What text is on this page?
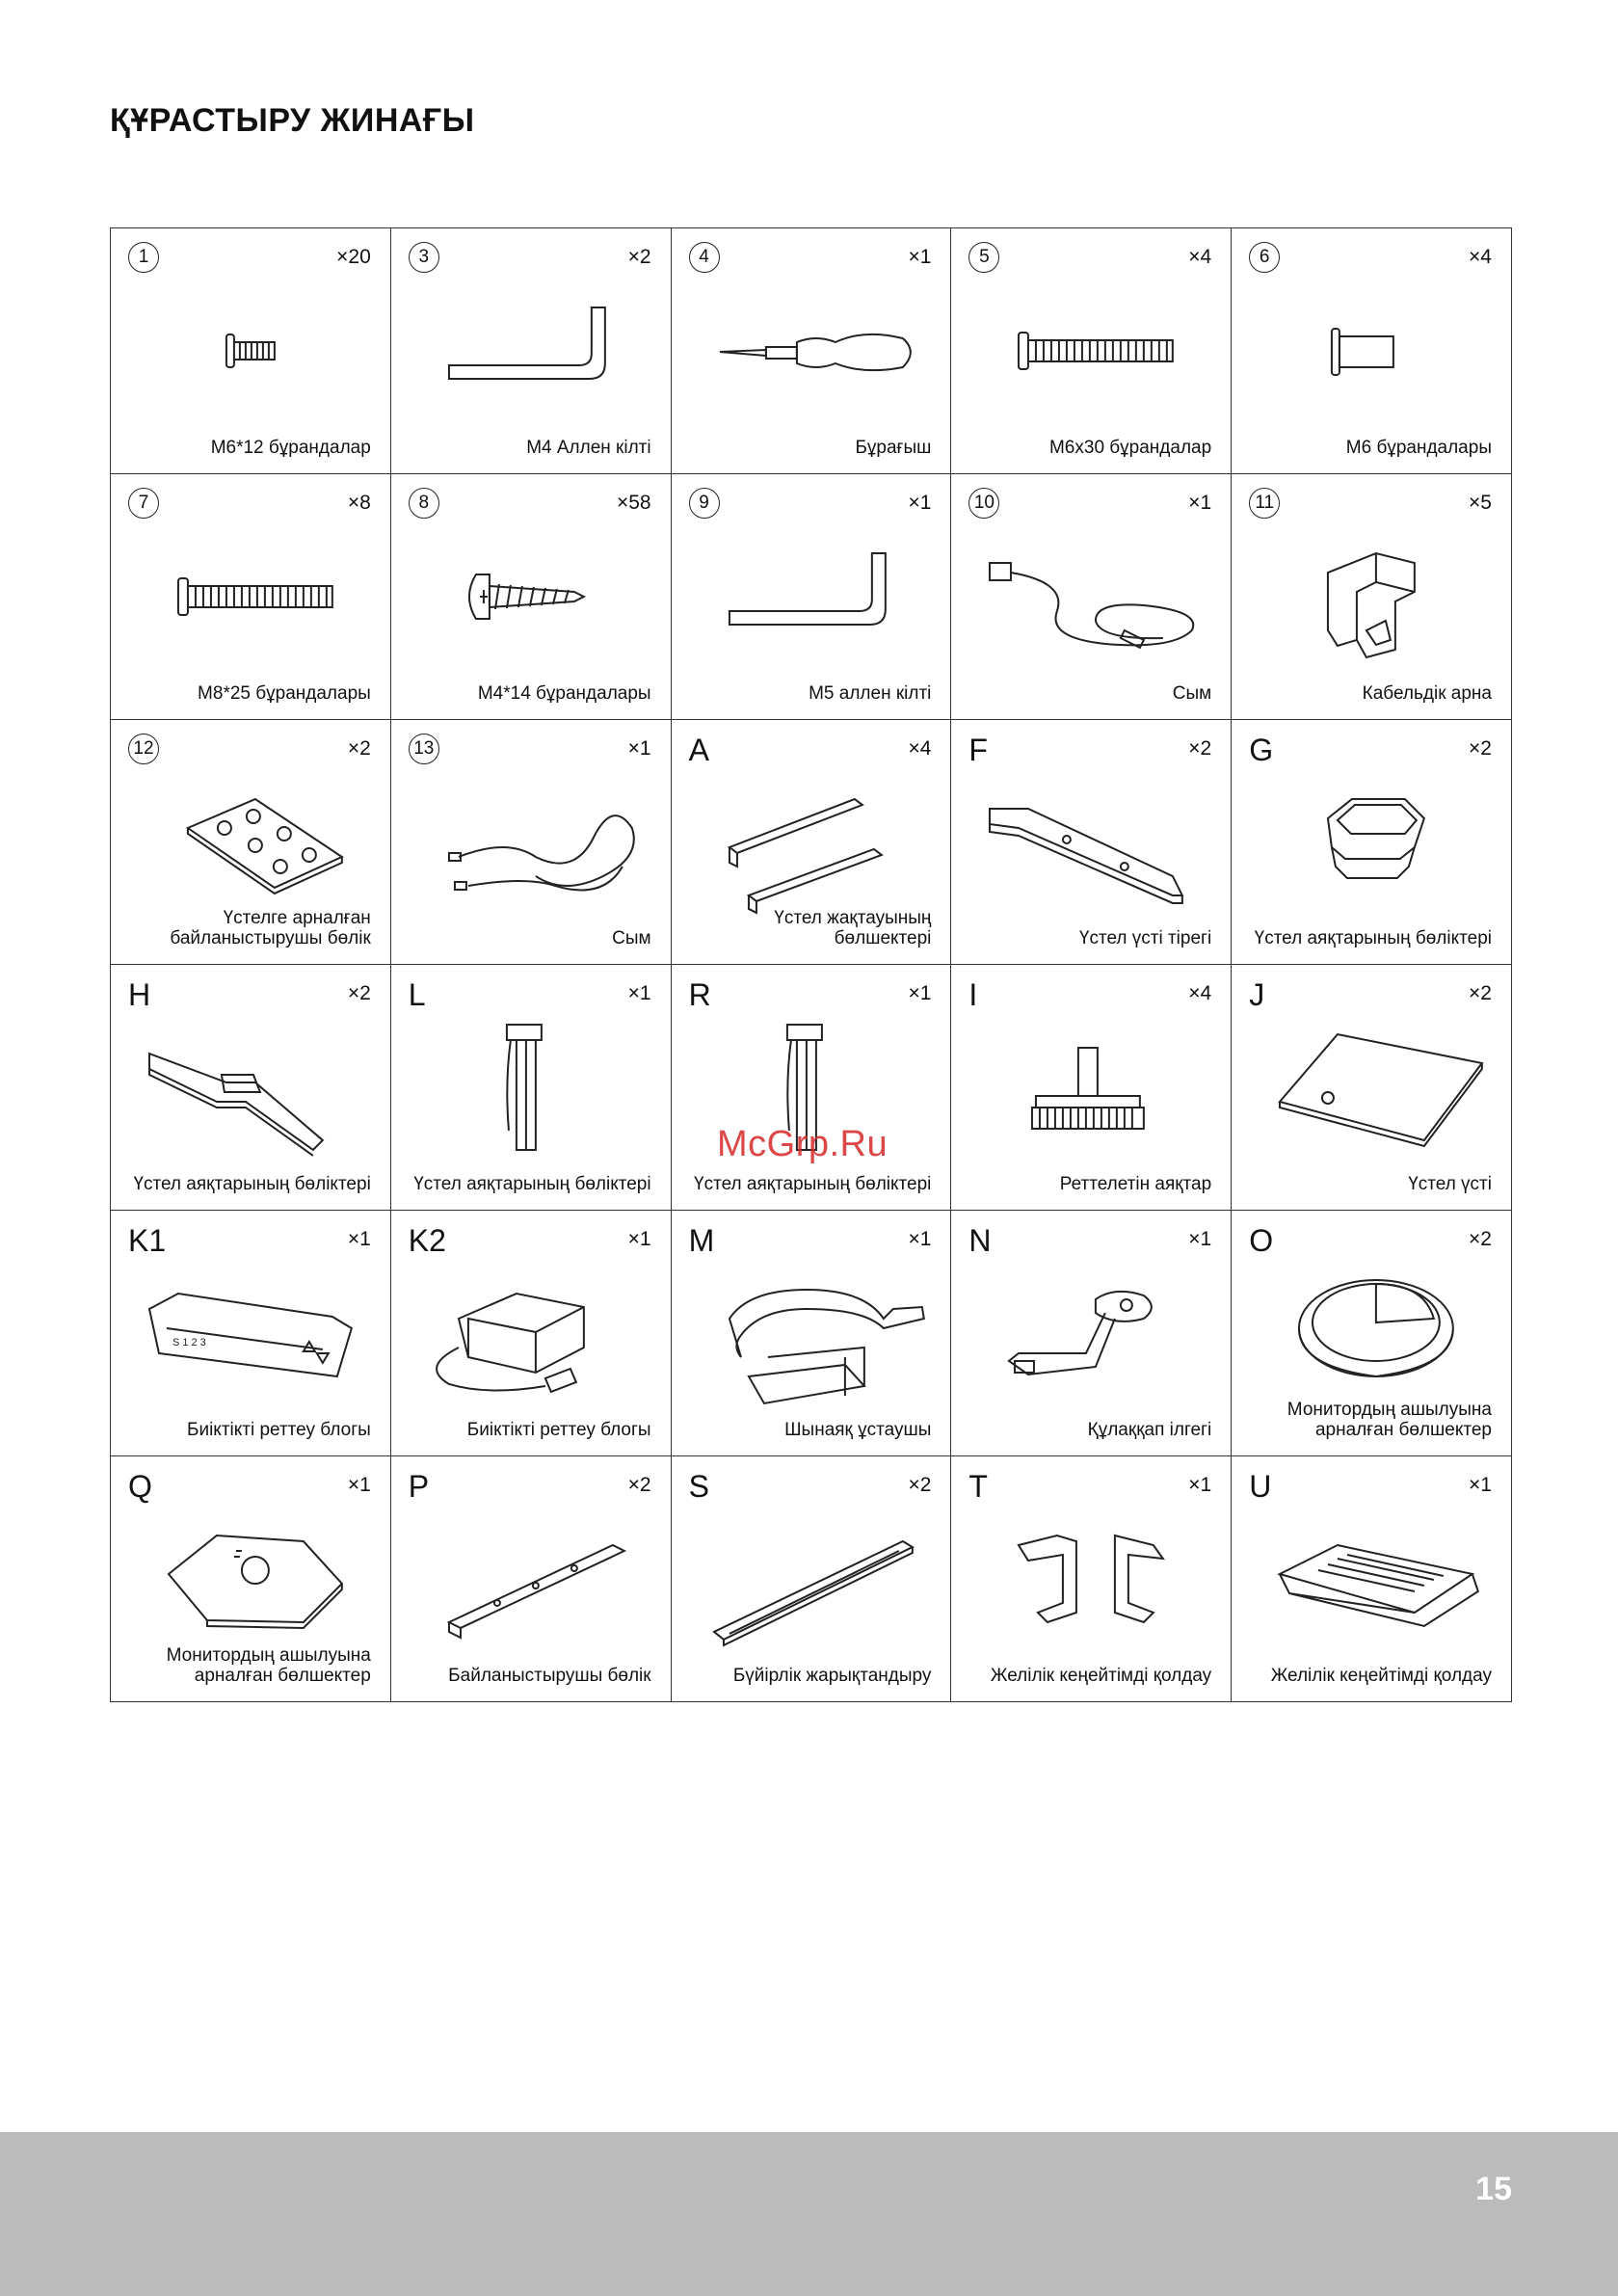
ҚҰРАСТЫРУ ЖИНАҒЫ
1	×20
M6*12 бұрандалар
3	×2
M4 Аллен кілті
4	×1
Бұрағыш
5	×4
M6x30 бұрандалар
6	×4
M6 бұрандалары
7	×8
M8*25 бұрандалары
8	×58
M4*14 бұрандалары
9	×1
M5 аллен кілті
10	×1
Сым
11	×5
Кабельдік арна
12	×2
Үстелге арналған байланыстырушы бөлік
13	×1
Сым
A	×4
Үстел жақтауының бөлшектері
F	×2
Үстел үсті тірегі
G	×2
Үстел аяқтарының бөліктері
H	×2
Үстел аяқтарының бөліктері
L	×1
Үстел аяқтарының бөліктері
R	×1
Үстел аяқтарының бөліктері
I	×4
Реттелетін аяқтар
J	×2
Үстел үсті
K1	×1
S 1 2 3
Биіктікті реттеу блогы
K2	×1
Биіктікті реттеу блогы
M	×1
Шынаяқ ұстаушы
N	×1
Құлаққап ілгегі
O	×2
Монитордың ашылуына арналған бөлшектер
Q	×1
Монитордың ашылуына арналған бөлшектер
P	×2
Байланыстырушы бөлік
S	×2
Бүйірлік жарықтандыру
T	×1
Желілік кеңейтімді қолдау
U	×1
Желілік кеңейтімді қолдау
McGrp.Ru
15
